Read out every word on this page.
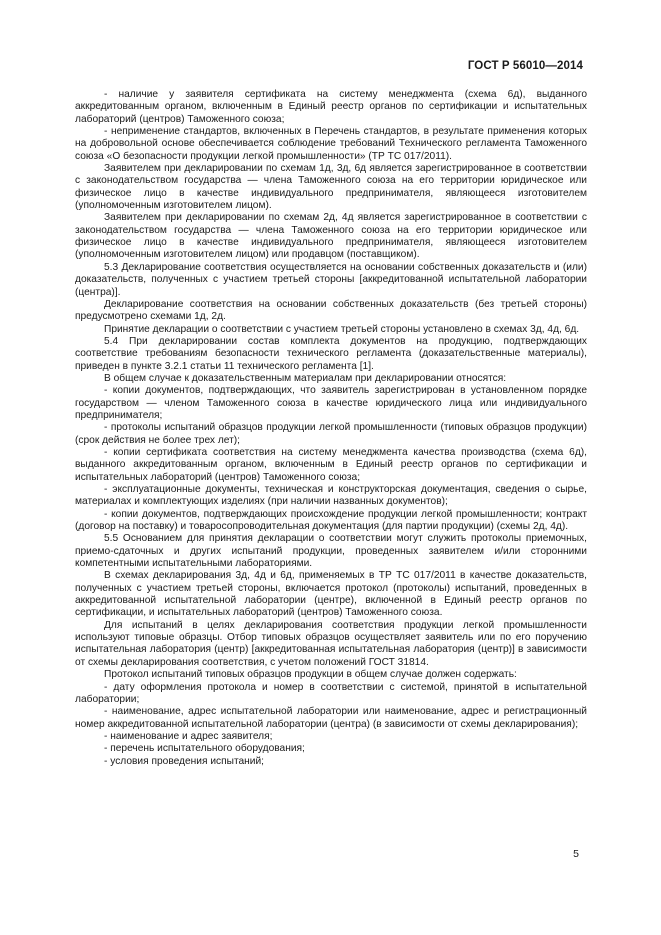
ГОСТ Р 56010—2014

- наличие у заявителя сертификата на систему менеджмента (схема 6д), выданного аккредитованным органом, включенным в Единый реестр органов по сертификации и испытательных лабораторий (центров) Таможенного союза;

- неприменение стандартов, включенных в Перечень стандартов, в результате применения которых на добровольной основе обеспечивается соблюдение требований Технического регламента Таможенного союза «О безопасности продукции легкой промышленности» (ТР ТС 017/2011).

Заявителем при декларировании по схемам 1д, 3д, 6д является зарегистрированное в соответствии с законодательством государства — члена Таможенного союза на его территории юридическое или физическое лицо в качестве индивидуального предпринимателя, являющееся изготовителем (уполномоченным изготовителем лицом).

Заявителем при декларировании по схемам 2д, 4д является зарегистрированное в соответствии с законодательством государства — члена Таможенного союза на его территории юридическое или физическое лицо в качестве индивидуального предпринимателя, являющееся изготовителем (уполномоченным изготовителем лицом) или продавцом (поставщиком).

5.3 Декларирование соответствия осуществляется на основании собственных доказательств и (или) доказательств, полученных с участием третьей стороны [аккредитованной испытательной лаборатории (центра)].

Декларирование соответствия на основании собственных доказательств (без третьей стороны) предусмотрено схемами 1д, 2д.

Принятие декларации о соответствии с участием третьей стороны установлено в схемах 3д, 4д, 6д.

5.4 При декларировании состав комплекта документов на продукцию, подтверждающих соответствие требованиям безопасности технического регламента (доказательственные материалы), приведен в пункте 3.2.1 статьи 11 технического регламента [1].

В общем случае к доказательственным материалам при декларировании относятся:

- копии документов, подтверждающих, что заявитель зарегистрирован в установленном порядке государством — членом Таможенного союза в качестве юридического лица или индивидуального предпринимателя;

- протоколы испытаний образцов продукции легкой промышленности (типовых образцов продукции) (срок действия не более трех лет);

- копии сертификата соответствия на систему менеджмента качества производства (схема 6д), выданного аккредитованным органом, включенным в Единый реестр органов по сертификации и испытательных лабораторий (центров) Таможенного союза;

- эксплуатационные документы, техническая и конструкторская документация, сведения о сырье, материалах и комплектующих изделиях (при наличии названных документов);

- копии документов, подтверждающих происхождение продукции легкой промышленности; контракт (договор на поставку) и товаросопроводительная документация (для партии продукции) (схемы 2д, 4д).

5.5 Основанием для принятия декларации о соответствии могут служить протоколы приемочных, приемо-сдаточных и других испытаний продукции, проведенных заявителем и/или сторонними компетентными испытательными лабораториями.

В схемах декларирования 3д, 4д и 6д, применяемых в ТР ТС 017/2011 в качестве доказательств, полученных с участием третьей стороны, включается протокол (протоколы) испытаний, проведенных в аккредитованной испытательной лаборатории (центре), включенной в Единый реестр органов по сертификации, и испытательных лабораторий (центров) Таможенного союза.

Для испытаний в целях декларирования соответствия продукции легкой промышленности используют типовые образцы. Отбор типовых образцов осуществляет заявитель или по его поручению испытательная лаборатория (центр) [аккредитованная испытательная лаборатория (центр)] в зависимости от схемы декларирования соответствия, с учетом положений ГОСТ 31814.

Протокол испытаний типовых образцов продукции в общем случае должен содержать:

- дату оформления протокола и номер в соответствии с системой, принятой в испытательной лаборатории;

- наименование, адрес испытательной лаборатории или наименование, адрес и регистрационный номер аккредитованной испытательной лаборатории (центра) (в зависимости от схемы декларирования);

- наименование и адрес заявителя;

- перечень испытательного оборудования;

- условия проведения испытаний;

5
